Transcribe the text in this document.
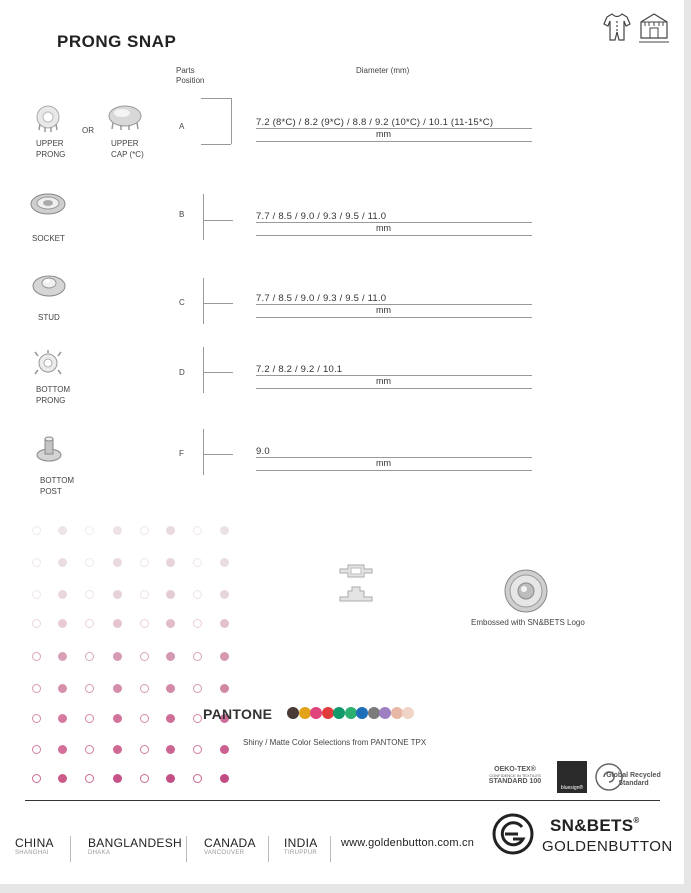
PRONG SNAP
Parts
Position
Diameter (mm)
UPPER
PRONG
OR
UPPER
CAP (*C)
A	7.2 (8*C) / 8.2 (9*C) / 8.8 / 9.2 (10*C) / 10.1 (11-15*C)
mm
SOCKET
B	7.7 / 8.5 / 9.0 / 9.3 / 9.5 / 11.0
mm
STUD
C	7.7 / 8.5 / 9.0 / 9.3 / 9.5 / 11.0
mm
BOTTOM
PRONG
D	7.2 / 8.2 / 9.2 / 10.1
mm
BOTTOM
POST
F	9.0
mm
Embossed with SN&BETS Logo
PANTONE
Shiny / Matte Color Selections from PANTONE TPX
OEKO-TEX®
CONFIDENCE IN TEXTILES
STANDARD 100
bluesign®
Global Recycled
Standard
CHINA
SHANGHAI
BANGLANDESH
DHAKA
CANADA
VANCOUVER
INDIA
TIRUPPUR
www.goldenbutton.com.cn
SN&BETS®
GOLDENBUTTON
